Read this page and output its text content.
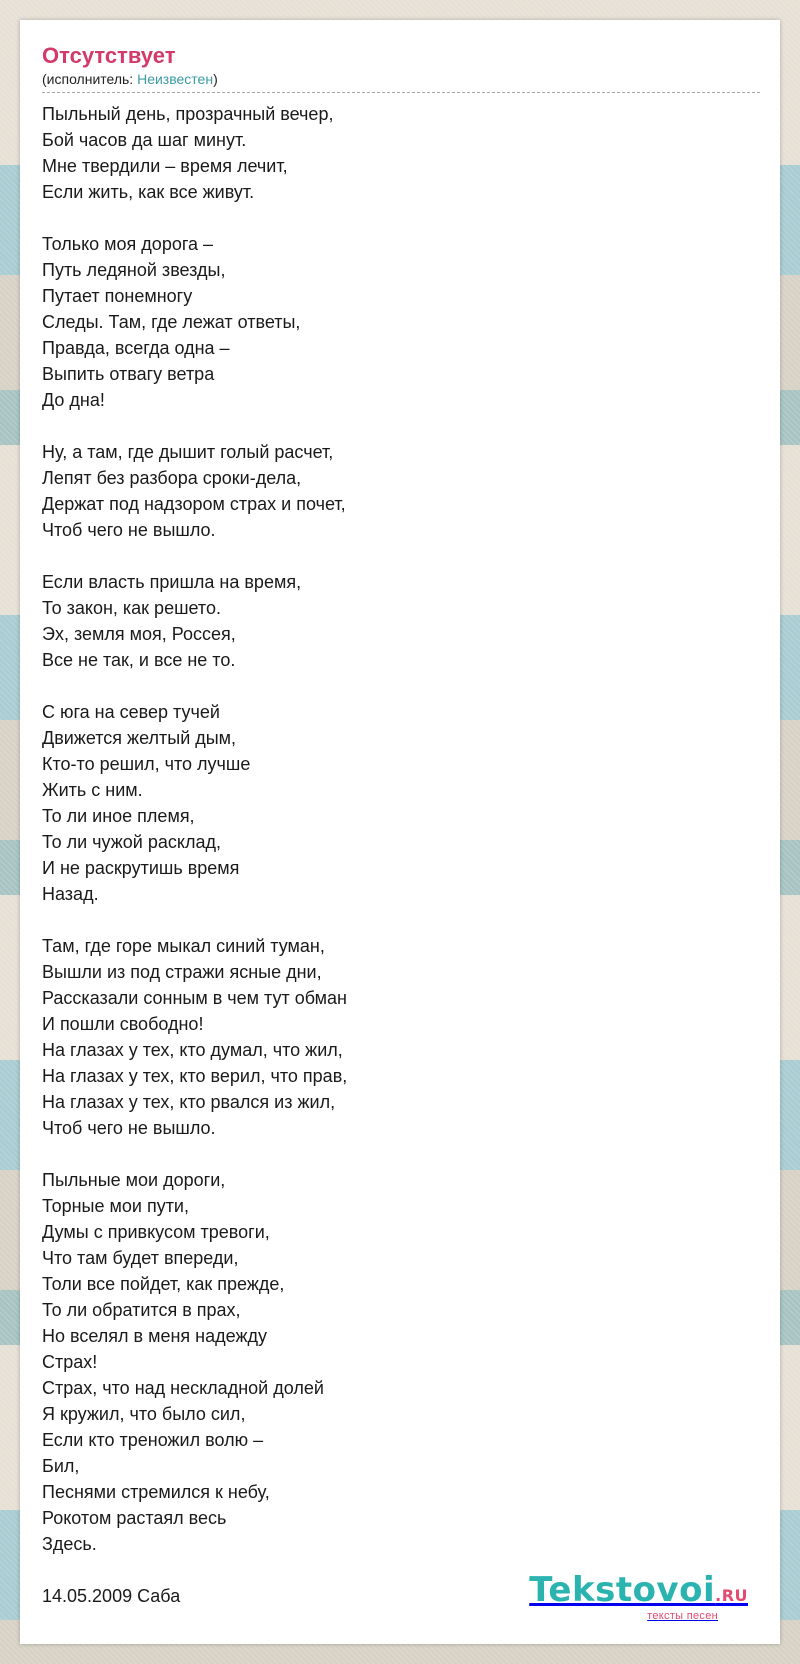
Отсутствует
(исполнитель: Неизвестен)
Пыльный день, прозрачный вечер,
Бой часов да шаг минут.
Мне твердили – время лечит,
Если жить, как все живут.
Только моя дорога –
Путь ледяной звезды,
Путает понемногу
Следы. Там, где лежат ответы,
Правда, всегда одна –
Выпить отвагу ветра
До дна!
Ну, а там, где дышит голый расчет,
Лепят без разбора сроки-дела,
Держат под надзором страх и почет,
Чтоб чего не вышло.
Если власть пришла на время,
То закон, как решето.
Эх, земля моя, Россея,
Все не так, и все не то.
С юга на север тучей
Движется желтый дым,
Кто-то решил, что лучше
Жить с ним.
То ли иное племя,
То ли чужой расклад,
И не раскрутишь время
Назад.
Там, где горе мыкал синий туман,
Вышли из под стражи ясные дни,
Рассказали сонным в чем тут обман
И пошли свободно!
На глазах у тех, кто думал, что жил,
На глазах у тех, кто верил, что прав,
На глазах у тех, кто рвался из жил,
Чтоб чего не вышло.
Пыльные мои дороги,
Торные мои пути,
Думы с привкусом тревоги,
Что там будет впереди,
Толи все пойдет, как прежде,
То ли обратится в прах,
Но вселял в меня надежду
Страх!
Страх, что над нескладной долей
Я кружил, что было сил,
Если кто треножил волю –
Бил,
Песнями стремился к небу,
Рокотом растаял весь
Здесь.
14.05.2009 Саба	Tekstovoi.RU
тексты песен
